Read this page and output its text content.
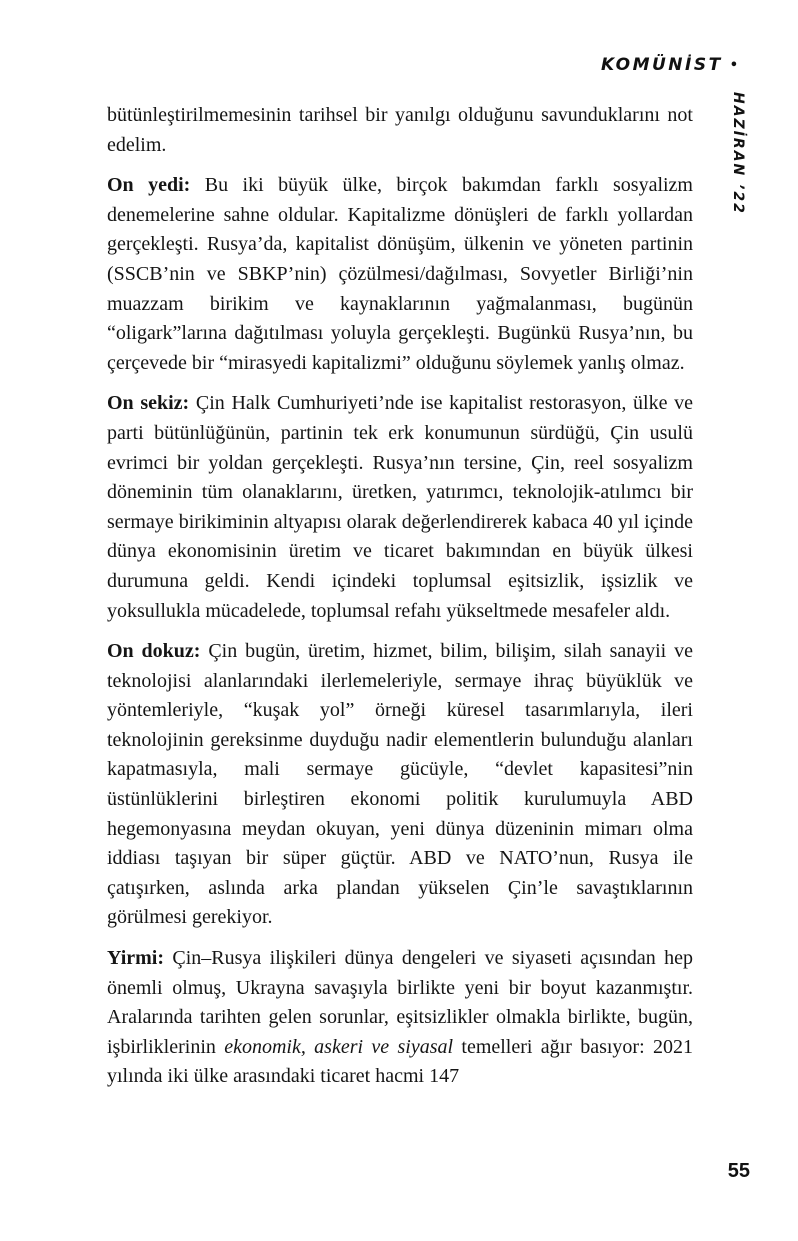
KOMÜNİST •
HAZİRAN ’22

bütünleştirilmemesinin tarihsel bir yanılgı olduğunu savunduklarını not edelim.

On yedi: Bu iki büyük ülke, birçok bakımdan farklı sosyalizm denemelerine sahne oldular. Kapitalizme dönüşleri de farklı yollardan gerçekleşti. Rusya’da, kapitalist dönüşüm, ülkenin ve yöneten partinin (SSCB’nin ve SBKP’nin) çözülmesi/dağılması, Sovyetler Birliği’nin muazzam birikim ve kaynaklarının yağmalanması, bugünün “oligark”larına dağıtılması yoluyla gerçekleşti. Bugünkü Rusya’nın, bu çerçevede bir “mirasyedi kapitalizmi” olduğunu söylemek yanlış olmaz.

On sekiz: Çin Halk Cumhuriyeti’nde ise kapitalist restorasyon, ülke ve parti bütünlüğünün, partinin tek erk konumunun sürdüğü, Çin usulü evrimci bir yoldan gerçekleşti. Rusya’nın tersine, Çin, reel sosyalizm döneminin tüm olanaklarını, üretken, yatırımcı, teknolojik-atılımcı bir sermaye birikiminin altyapısı olarak değerlendirerek kabaca 40 yıl içinde dünya ekonomisinin üretim ve ticaret bakımından en büyük ülkesi durumuna geldi. Kendi içindeki toplumsal eşitsizlik, işsizlik ve yoksullukla mücadelede, toplumsal refahı yükseltmede mesafeler aldı.

On dokuz: Çin bugün, üretim, hizmet, bilim, bilişim, silah sanayii ve teknolojisi alanlarındaki ilerlemeleriyle, sermaye ihraç büyüklük ve yöntemleriyle, “kuşak yol” örneği küresel tasarımlarıyla, ileri teknolojinin gereksinme duyduğu nadir elementlerin bulunduğu alanları kapatmasıyla, mali sermaye gücüyle, “devlet kapasitesi”nin üstünlüklerini birleştiren ekonomi politik kurulumuyla ABD hegemonyasına meydan okuyan, yeni dünya düzeninin mimarı olma iddiası taşıyan bir süper güçtür. ABD ve NATO’nun, Rusya ile çatışırken, aslında arka plandan yükselen Çin’le savaştıklarının görülmesi gerekiyor.

Yirmi: Çin–Rusya ilişkileri dünya dengeleri ve siyaseti açısından hep önemli olmuş, Ukrayna savaşıyla birlikte yeni bir boyut kazanmıştır. Aralarında tarihten gelen sorunlar, eşitsizlikler olmakla birlikte, bugün, işbirliklerinin ekonomik, askeri ve siyasal temelleri ağır basıyor: 2021 yılında iki ülke arasındaki ticaret hacmi 147

55
